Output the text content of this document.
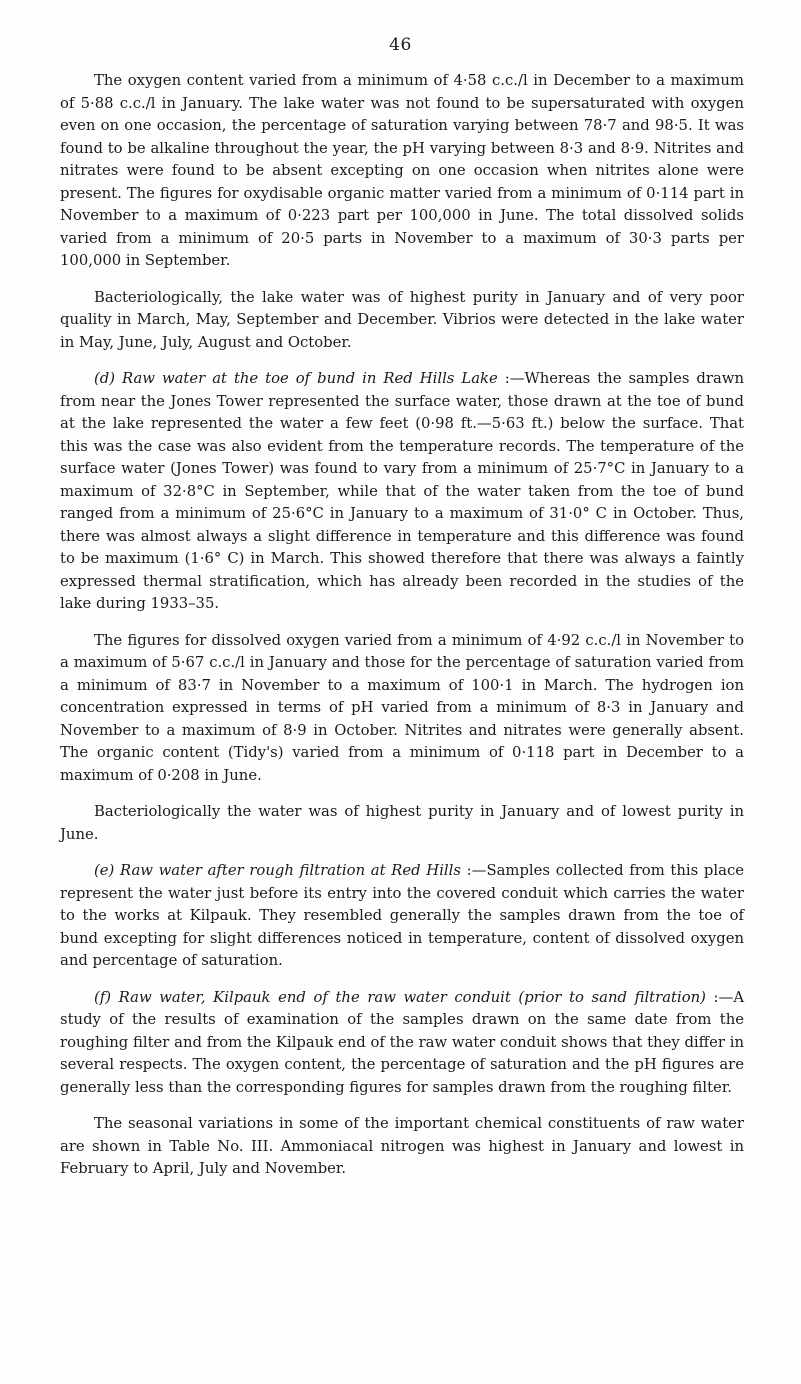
46

The oxygen content varied from a minimum of 4·58 c.c./l in December to a maximum of 5·88 c.c./l in January. The lake water was not found to be supersaturated with oxygen even on one occasion, the percentage of saturation varying between 78·7 and 98·5. It was found to be alkaline throughout the year, the pH varying between 8·3 and 8·9. Nitrites and nitrates were found to be absent excepting on one occasion when nitrites alone were present. The figures for oxydisable organic matter varied from a minimum of 0·114 part in November to a maximum of 0·223 part per 100,000 in June. The total dissolved solids varied from a minimum of 20·5 parts in November to a maximum of 30·3 parts per 100,000 in September.

Bacteriologically, the lake water was of highest purity in January and of very poor quality in March, May, September and December. Vibrios were detected in the lake water in May, June, July, August and October.

(d) Raw water at the toe of bund in Red Hills Lake :—Whereas the samples drawn from near the Jones Tower represented the surface water, those drawn at the toe of bund at the lake represented the water a few feet (0·98 ft.—5·63 ft.) below the surface. That this was the case was also evident from the temperature records. The temperature of the surface water (Jones Tower) was found to vary from a minimum of 25·7°C in January to a maximum of 32·8°C in September, while that of the water taken from the toe of bund ranged from a minimum of 25·6°C in January to a maximum of 31·0° C in October. Thus, there was almost always a slight difference in temperature and this difference was found to be maximum (1·6° C) in March. This showed therefore that there was always a faintly expressed thermal stratification, which has already been recorded in the studies of the lake during 1933–35.

The figures for dissolved oxygen varied from a minimum of 4·92 c.c./l in November to a maximum of 5·67 c.c./l in January and those for the percentage of saturation varied from a minimum of 83·7 in November to a maximum of 100·1 in March. The hydrogen ion concentration expressed in terms of pH varied from a minimum of 8·3 in January and November to a maximum of 8·9 in October. Nitrites and nitrates were generally absent. The organic content (Tidy's) varied from a minimum of 0·118 part in December to a maximum of 0·208 in June.

Bacteriologically the water was of highest purity in January and of lowest purity in June.

(e) Raw water after rough filtration at Red Hills :—Samples collected from this place represent the water just before its entry into the covered conduit which carries the water to the works at Kilpauk. They resembled generally the samples drawn from the toe of bund excepting for slight differences noticed in temperature, content of dissolved oxygen and percentage of saturation.

(f) Raw water, Kilpauk end of the raw water conduit (prior to sand filtration) :—A study of the results of examination of the samples drawn on the same date from the roughing filter and from the Kilpauk end of the raw water conduit shows that they differ in several respects. The oxygen content, the percentage of saturation and the pH figures are generally less than the corresponding figures for samples drawn from the roughing filter.

The seasonal variations in some of the important chemical constituents of raw water are shown in Table No. III. Ammoniacal nitrogen was highest in January and lowest in February to April, July and November.
